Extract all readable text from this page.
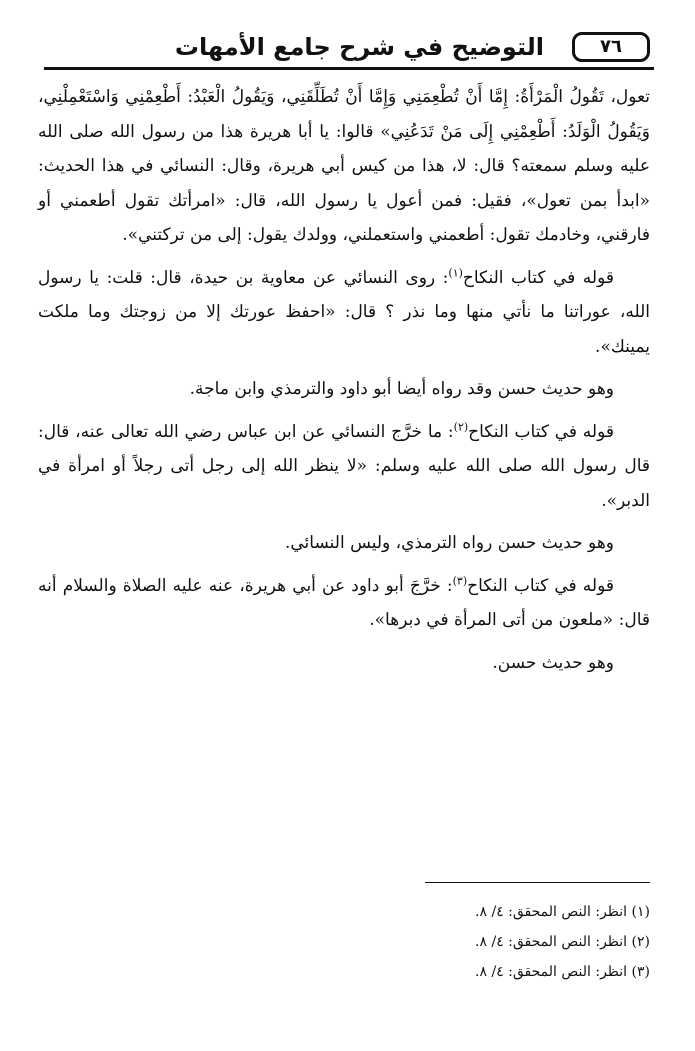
التوضيح في شرح جامع الأمهات	٧٦

تعول، تَقُولُ الْمَرْأَةُ: إِمَّا أَنْ تُطْعِمَنِي وَإِمَّا أَنْ تُطَلِّقَنِي، وَيَقُولُ الْعَبْدُ: أَطْعِمْنِي وَاسْتَعْمِلْنِي، وَيَقُولُ الْوَلَدُ: أَطْعِمْنِي إِلَى مَنْ تَدَعُنِي» قالوا: يا أبا هريرة هذا من رسول الله صلى الله عليه وسلم سمعته؟ قال: لا، هذا من كيس أبي هريرة، وقال: النسائي في هذا الحديث: «ابدأ بمن تعول»، فقيل: فمن أعول يا رسول الله، قال: «امرأتك تقول أطعمني أو فارقني، وخادمك تقول: أطعمني واستعملني، وولدك يقول: إلى من تركتني».

قوله في كتاب النكاح$^{(١)}$: روى النسائي عن معاوية بن حيدة، قال: قلت: يا رسول الله، عوراتنا ما نأتي منها وما نذر ؟ قال: «احفظ عورتك إلا من زوجتك وما ملكت يمينك».

وهو حديث حسن وقد رواه أيضا أبو داود والترمذي وابن ماجة.

قوله في كتاب النكاح$^{(٢)}$: ما خرَّج النسائي عن ابن عباس رضي الله تعالى عنه، قال: قال رسول الله صلى الله عليه وسلم: «لا ينظر الله إلى رجل أتى رجلاً أو امرأة في الدبر».

وهو حديث حسن رواه الترمذي، وليس النسائي.

قوله في كتاب النكاح$^{(٣)}$: خرَّجَ أبو داود عن أبي هريرة، عنه عليه الصلاة والسلام أنه قال: «ملعون من أتى المرأة في دبرها».

وهو حديث حسن.

(١) انظر: النص المحقق: ٤/ ٨.

(٢) انظر: النص المحقق: ٤/ ٨.

(٣) انظر: النص المحقق: ٤/ ٨.
